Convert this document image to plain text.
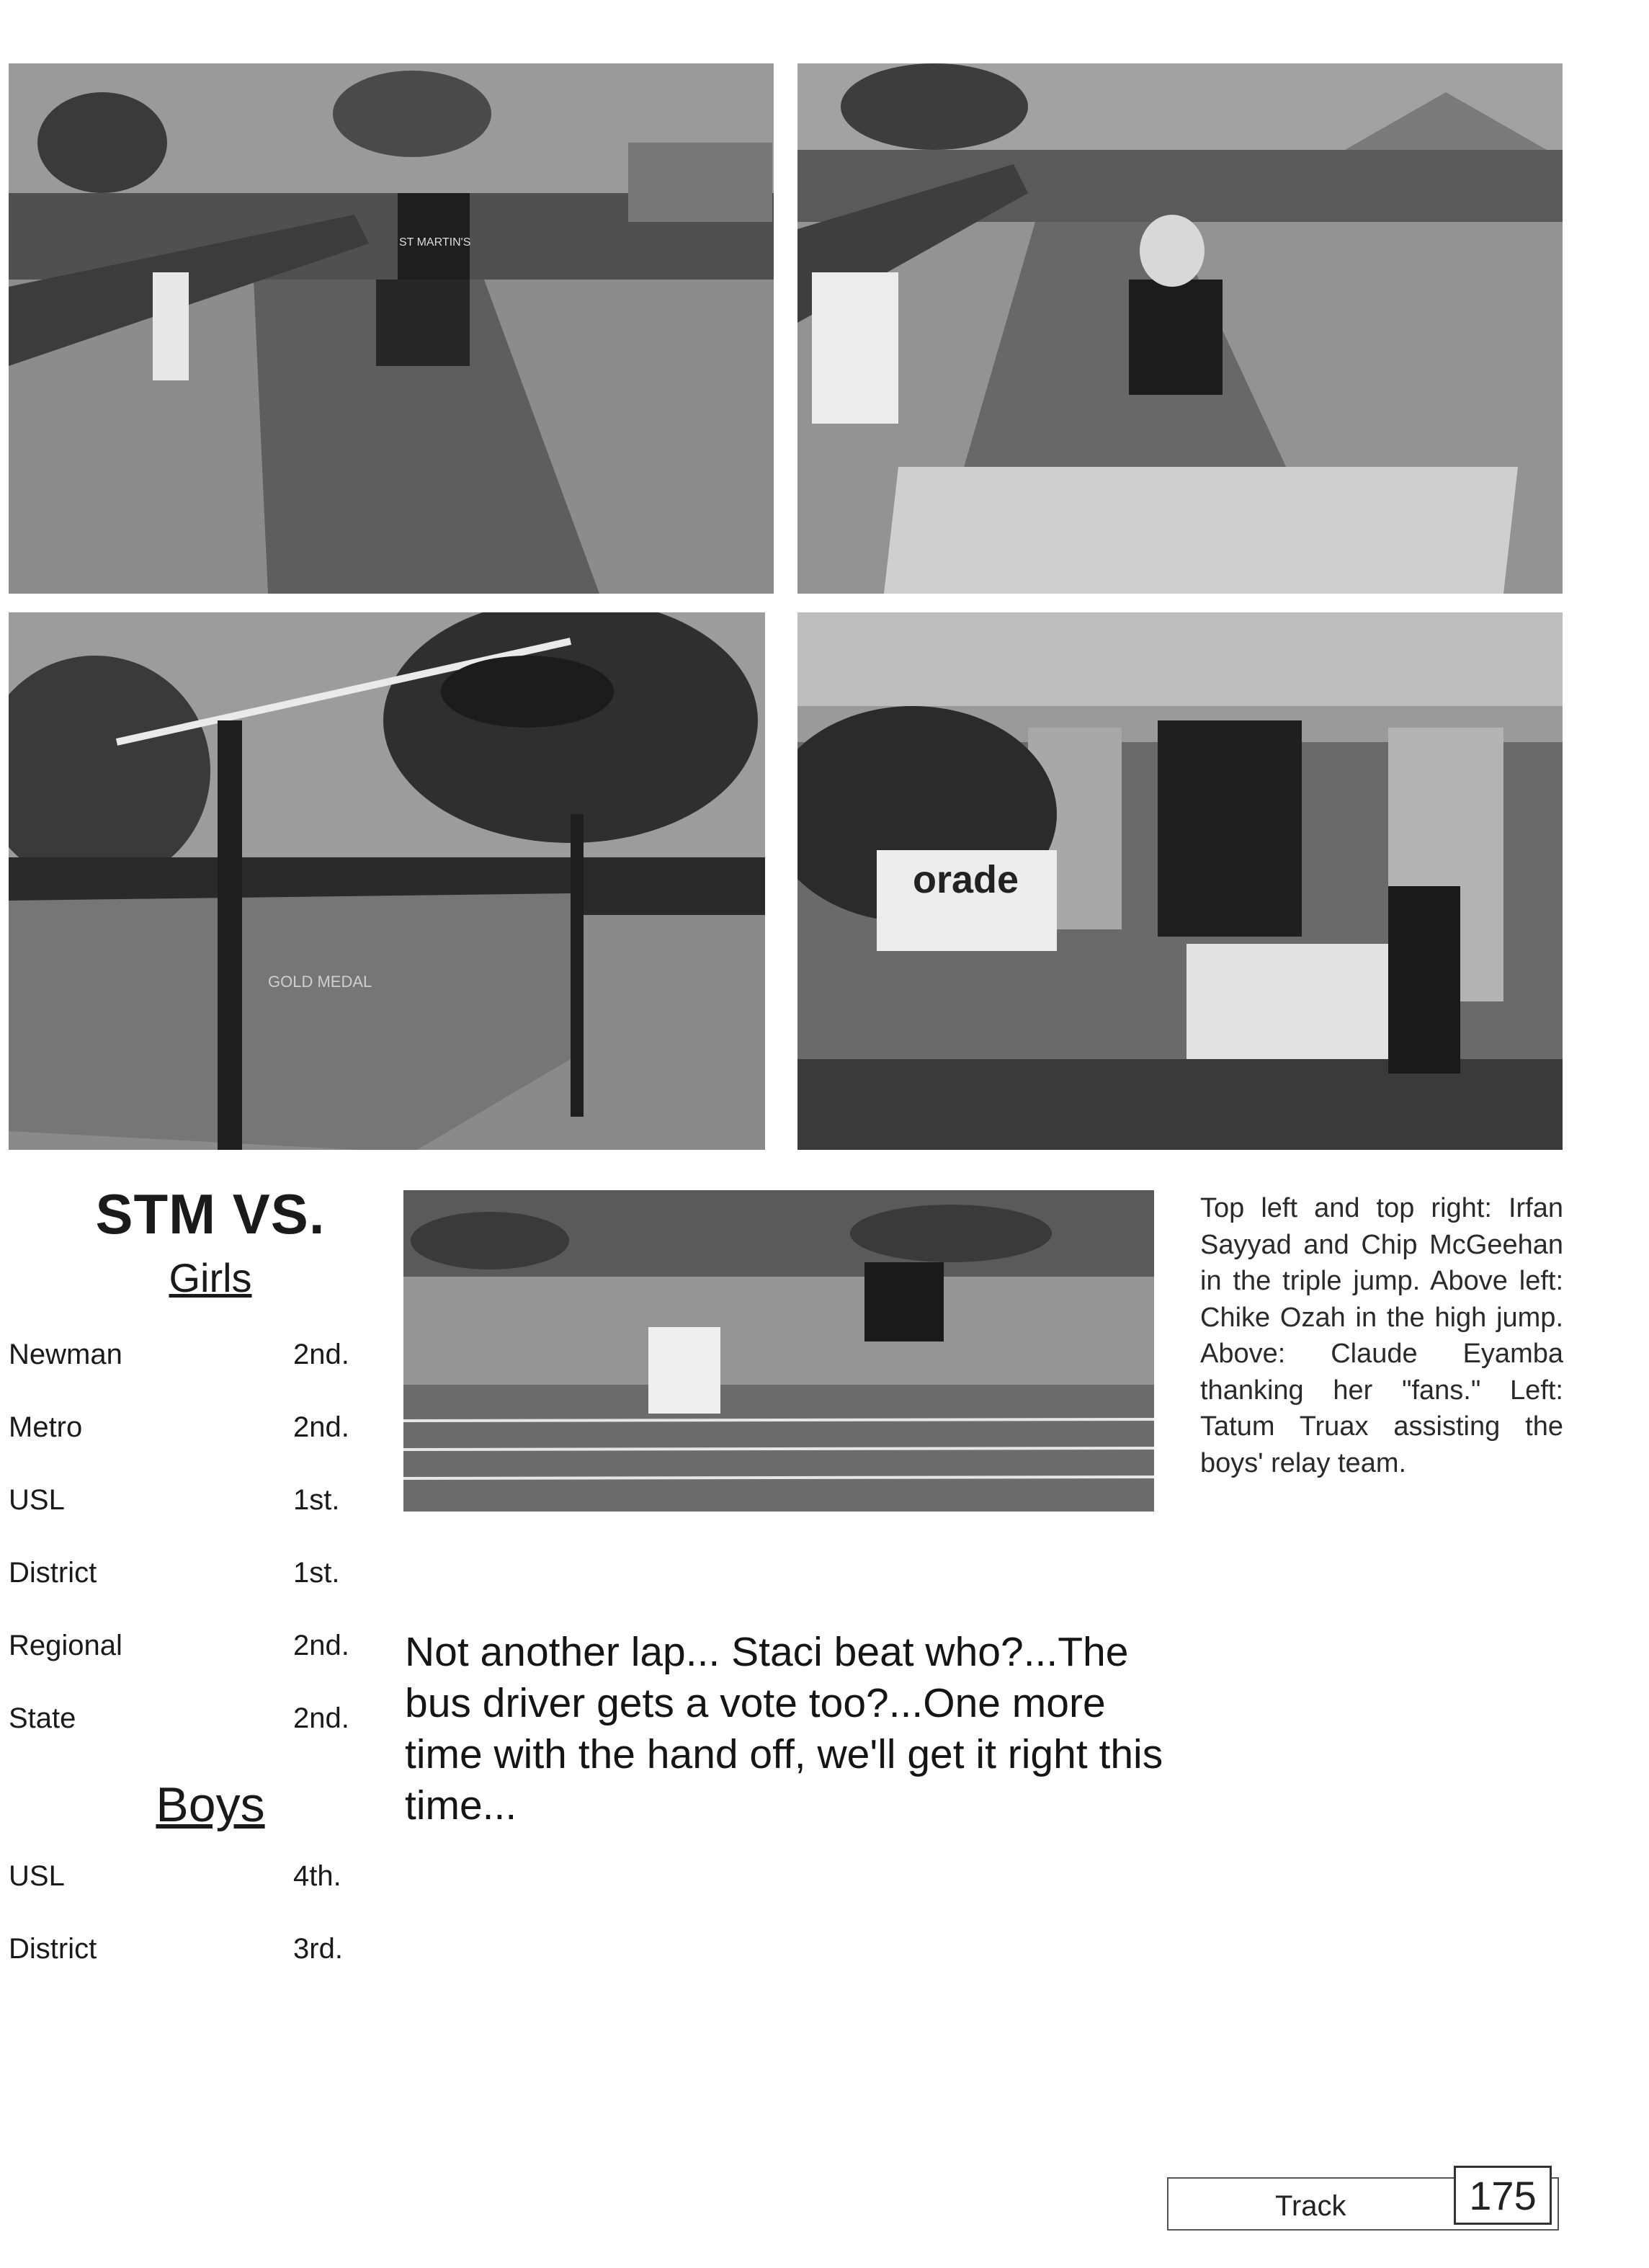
ST MARTIN'S
GOLD MEDAL
orade
STM VS.
Girls
Newman	2nd.
Metro	2nd.
USL	1st.
District	1st.
Regional	2nd.
State	2nd.
Boys
USL	4th.
District	3rd.
Top left and top right: Irfan Sayyad and Chip McGeehan in the triple jump. Above left: Chike Ozah in the high jump. Above: Claude Eyamba thanking her "fans." Left: Tatum Truax assisting the boys' relay team.
Not another lap... Staci beat who?...The bus driver gets a vote too?...One more time with the hand off, we'll get it right this time...
Track	175
